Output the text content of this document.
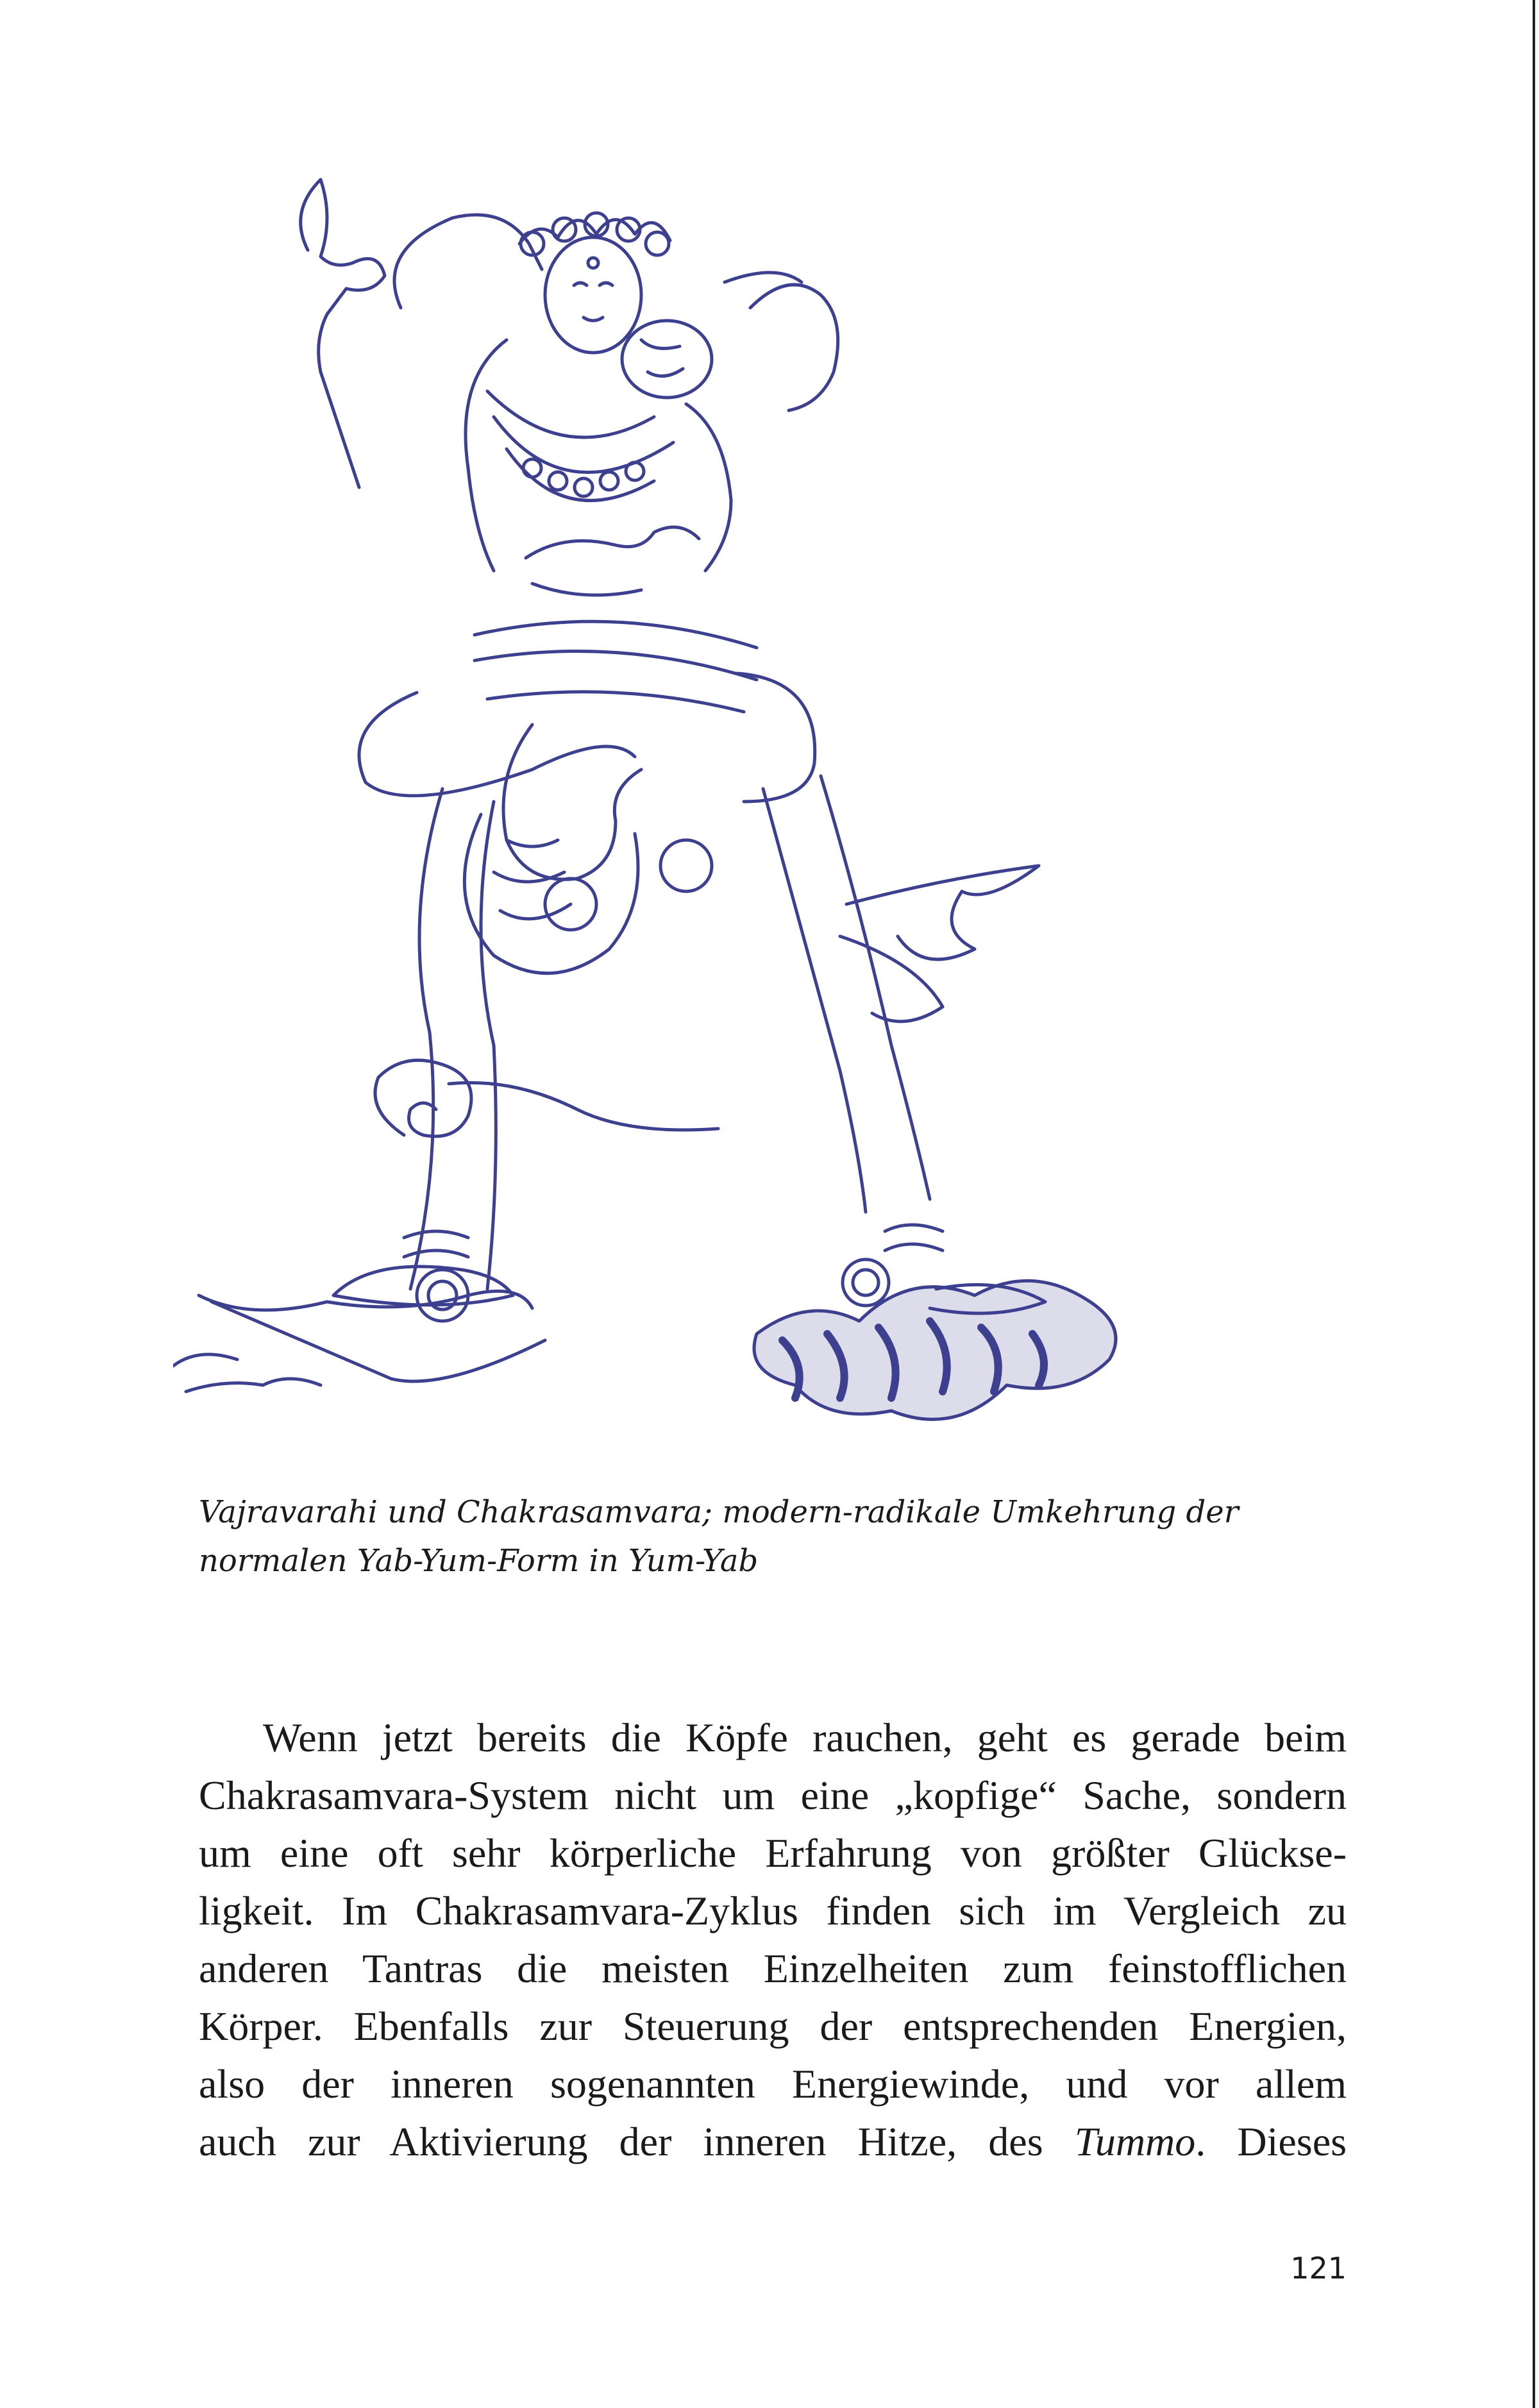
Vajravarahi und Chakrasamvara; modern-radikale Umkehrung der
normalen Yab-Yum-Form in Yum-Yab

Wenn jetzt bereits die Köpfe rauchen, geht es gerade beim
Chakrasamvara-System nicht um eine „kopfige“ Sache, sondern
um eine oft sehr körperliche Erfahrung von größter Glückse-
ligkeit. Im Chakrasamvara-Zyklus finden sich im Vergleich zu
anderen Tantras die meisten Einzelheiten zum feinstofflichen
Körper. Ebenfalls zur Steuerung der entsprechenden Energien,
also der inneren sogenannten Energiewinde, und vor allem
auch zur Aktivierung der inneren Hitze, des Tummo. Dieses

121
